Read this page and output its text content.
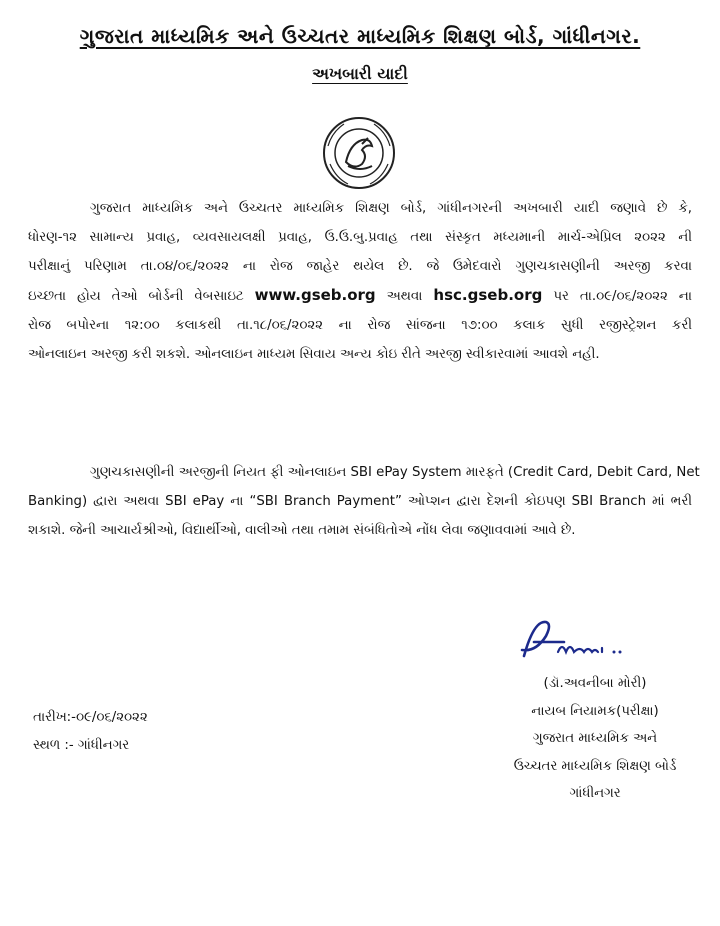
ગુજરાત માધ્યમિક અને ઉચ્ચતર માધ્યમિક શિક્ષણ બોર્ડ, ગાંધીનગર.
અખબારી યાદી
ગુજરાત માધ્યમિક અને ઉચ્ચતર માધ્યમિક શિક્ષણ બોર્ડ, ગાંધીનગરની અખબારી યાદી જણાવે છે કે,
ધોરણ-૧૨ સામાન્ય પ્રવાહ, વ્યવસાયલક્ષી પ્રવાહ, ઉ.ઉ.બુ.પ્રવાહ તથા સંસ્કૃત મધ્યમાની માર્ચ-એપ્રિલ ૨૦૨૨ ની
પરીક્ષાનું પરિણામ તા.૦૪/૦૬/૨૦૨૨ ના રોજ જાહેર થયેલ છે. જે ઉમેદવારો ગુણચકાસણીની અરજી કરવા
ઇચ્છતા હોય તેઓ બોર્ડની વેબસાઇટ www.gseb.org અથવા hsc.gseb.org પર તા.૦૯/૦૬/૨૦૨૨ ના
રોજ બપોરના ૧૨:૦૦ કલાકથી તા.૧૮/૦૬/૨૦૨૨ ના રોજ સાંજના ૧૭:૦૦ કલાક સુધી રજીસ્ટ્રેશન કરી
ઓનલાઇન અરજી કરી શકશે. ઓનલાઇન માધ્યમ સિવાય અન્ય કોઇ રીતે અરજી સ્વીકારવામાં આવશે નહી.
ગુણચકાસણીની અરજીની નિયત ફી ઓનલાઇન SBI ePay System મારફતે (Credit Card, Debit Card, Net
Banking) દ્વારા અથવા SBI ePay ના “SBI Branch Payment” ઓપ્શન દ્વારા દેશની કોઇપણ SBI Branch માં ભરી
શકાશે. જેની આચાર્યશ્રીઓ, વિદ્યાર્થીઓ, વાલીઓ તથા તમામ સંબંધિતોએ નોંધ લેવા જણાવવામાં આવે છે.
(ડૉ.અવનીબા મોરી)
નાયબ નિયામક(પરીક્ષા)
ગુજરાત માધ્યમિક અને
ઉચ્ચતર માધ્યમિક શિક્ષણ બોર્ડ
ગાંધીનગર
તારીખ:-૦૯/૦૬/૨૦૨૨
સ્થળ :- ગાંધીનગર
